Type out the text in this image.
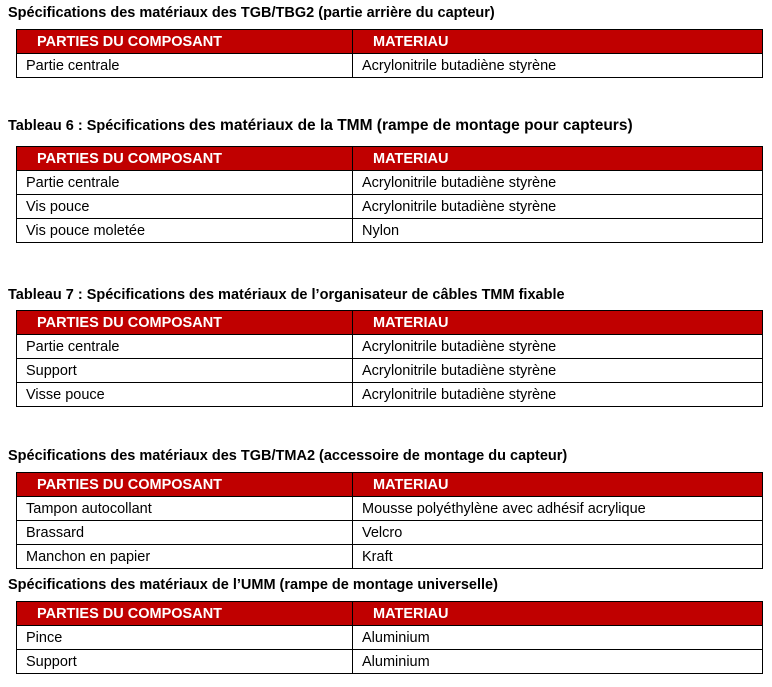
Spécifications des matériaux des TGB/TBG2 (partie arrière du capteur)
PARTIES DU COMPOSANT	MATERIAU
Partie centrale	Acrylonitrile butadiène styrène
Tableau 6 : Spécifications des matériaux de la TMM (rampe de montage pour capteurs)
PARTIES DU COMPOSANT	MATERIAU
Partie centrale	Acrylonitrile butadiène styrène
Vis pouce	Acrylonitrile butadiène styrène
Vis pouce moletée	Nylon
Tableau 7 : Spécifications des matériaux de l’organisateur de câbles TMM fixable
PARTIES DU COMPOSANT	MATERIAU
Partie centrale	Acrylonitrile butadiène styrène
Support	Acrylonitrile butadiène styrène
Visse pouce	Acrylonitrile butadiène styrène
Spécifications des matériaux des TGB/TMA2 (accessoire de montage du capteur)
PARTIES DU COMPOSANT	MATERIAU
Tampon autocollant	Mousse polyéthylène avec adhésif acrylique
Brassard	Velcro
Manchon en papier	Kraft
Spécifications des matériaux de l’UMM (rampe de montage universelle)
PARTIES DU COMPOSANT	MATERIAU
Pince	Aluminium
Support	Aluminium
